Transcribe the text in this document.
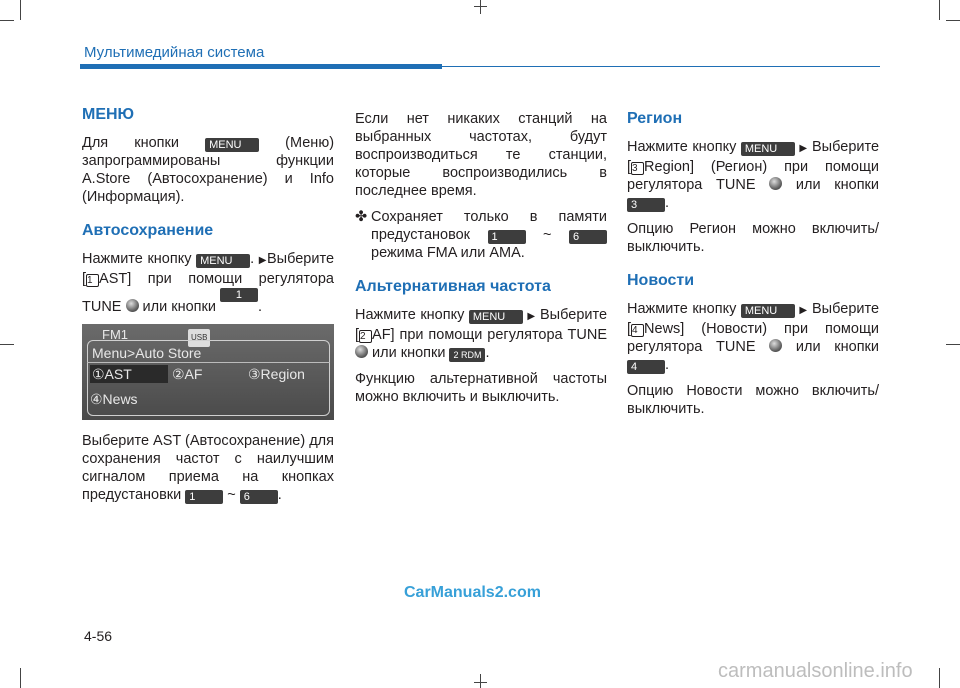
Мультимедийная система
МЕНЮ

Для кнопки	MENU	(Меню) запрограммированы функции A.Store (Автосохранение) и Info (Информация).

Автосохранение

Нажмите кнопку MENU . ▶Выберите [1 AST] при помощи регулятора TUNE или кнопки 1 RPT .

FM1	USB
Menu>Auto Store
①AST	②AF	③Region
④News

Выберите AST (Автосохранение) для сохранения частот с наилучшим сигналом приема на кнопках предустановки 1 ~ 6 .

Если нет никаких станций на выбранных частотах, будут воспроизводиться те станции, которые воспроизводились в последнее время.

✤ Сохраняет только в памяти предустановок 1	~ 6 режима FMA или AMA.
Альтернативная частота

Нажмите кнопку MENU ▶ Выберите [2 AF] при помощи регулятора TUNE  или кнопки 2 RDM .

Функцию альтернативной частоты можно включить и выключить.

Регион

Нажмите кнопку MENU ▶ Выберите [3 Region] (Регион) при помощи регулятора TUNE	или кнопки 3 .

Опцию Регион можно включить/выключить.

Новости

Нажмите кнопку MENU ▶ Выберите [4 News] (Новости) при помощи регулятора TUNE	или кнопки 4 .

Опцию Новости можно включить/выключить.

CarManuals2.com
4-56
carmanualsonline.info
